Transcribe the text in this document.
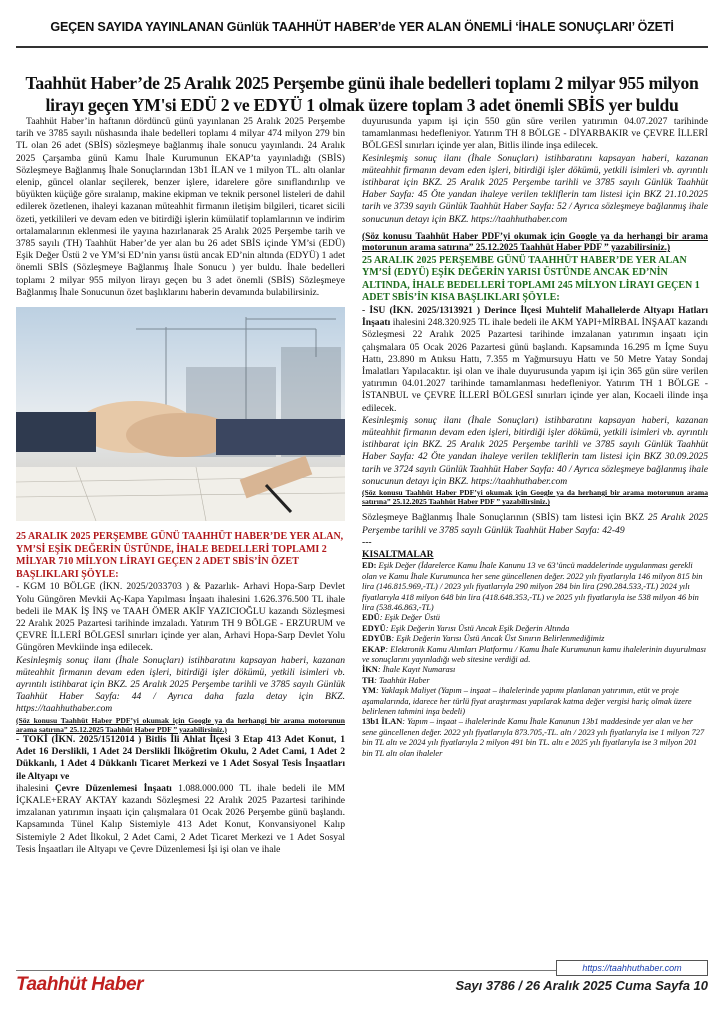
GEÇEN SAYIDA YAYINLANAN Günlük TAAHHÜT HABER’de YER ALAN ÖNEMLİ ‘İHALE SONUÇLARI’ ÖZETİ
Taahhüt Haber’de 25 Aralık 2025 Perşembe günü ihale bedelleri toplamı 2 milyar 955 milyon lirayı geçen YM'si EDÜ 2 ve EDYÜ 1 olmak üzere toplam 3 adet önemli SBİS yer buldu

Taahhüt Haber’in haftanın dördüncü günü yayınlanan 25 Aralık 2025 Perşembe tarih ve 3785 sayılı nüshasında ihale bedelleri toplamı 4 milyar 474 milyon 279 bin TL olan 26 adet (SBİS) sözleşmeye bağlanmış ihale sonucu yayınlandı. 24 Aralık 2025 Çarşamba günü Kamu İhale Kurumunun EKAP’ta yayınladığı (SBİS) Sözleşmeye Bağlanmış İhale Sonuçlarından 13b1 İLAN ve 1 milyon TL. altı olanlar elenip, güncel olanlar seçilerek, benzer işlere, idarelere göre sınıflandırılıp ve büyükten küçüğe göre sıralanıp, makine ekipman ve teknik personel listeleri de dahil edilerek özetlenen, ihaleyi kazanan müteahhit firmanın iletişim bilgileri, ticaret sicili özeti, yetkilileri ve devam eden ve bitirdiği işlerin kümülatif toplamlarının ve indirim ortalamalarının eklenmesi ile yayına hazırlanarak 25 Aralık 2025 Perşembe tarih ve 3785 sayılı (TH) Taahhüt Haber’de yer alan bu 26 adet SBİS içinde YM’si (EDÜ) Eşik Değer Üstü 2 ve YM’si ED’nin yarısı üstü ancak ED’nin altında (EDYÜ) 1 adet önemli SBİS (Sözleşmeye Bağlanmış İhale Sonucu ) yer buldu. İhale bedelleri toplamı 2 milyar 955 milyon lirayı geçen bu 3 adet önemli (SBİS) Sözleşmeye Bağlanmış İhale Sonucunun özet başlıklarını haberin devamında bulabilirsiniz.

25 ARALIK 2025 PERŞEMBE GÜNÜ TAAHHÜT HABER’DE YER ALAN, YM’Sİ EŞİK DEĞERİN ÜSTÜNDE, İHALE BEDELLERİ TOPLAMI 2 MİLYAR 710 MİLYON LİRAYI GEÇEN 2 ADET SBİS’İN ÖZET BAŞLIKLARI ŞÖYLE:

- KGM 10 BÖLGE (İKN. 2025/2033703 ) & Pazarlık- Arhavi Hopa-Sarp Devlet Yolu Güngören Mevkii Aç-Kapa Yapılması İnşaatı ihalesini 1.626.376.500 TL ihale bedeli ile MAK İŞ İNŞ ve TAAH ÖMER AKİF YAZICIOĞLU kazandı Sözleşmesi 22 Aralık 2025 Pazartesi tarihinde imzaladı. Yatırım TH 9 BÖLGE - ERZURUM ve ÇEVRE İLLERİ BÖLGESİ sınırları içinde yer alan, Arhavi Hopa-Sarp Devlet Yolu Güngören Mevkiinde inşa edilecek.

Kesinleşmiş sonuç ilanı (İhale Sonuçları) istihbaratını kapsayan haberi, kazanan müteahhit firmanın devam eden işleri, bitirdiği işler dökümü, yetkili isimleri vb. ayrıntılı istihbarat için BKZ. 25 Aralık 2025 Perşembe tarihli ve 3785 sayılı Günlük Taahhüt Haber Sayfa: 44 / Ayrıca daha fazla detay için BKZ. https://taahhuthaber.com

(Söz konusu Taahhüt Haber PDF’yi okumak için Google ya da herhangi bir arama motorunun arama satırına” 25.12.2025 Taahhüt Haber PDF ” yazabilirsiniz.)

- TOKİ (İKN. 2025/1512014 ) Bitlis İli Ahlat İlçesi 3 Etap 413 Adet Konut, 1 Adet 16 Derslikli, 1 Adet 24 Derslikli İlköğretim Okulu, 2 Adet Cami, 1 Adet 2 Dükkanlı, 1 Adet 4 Dükkanlı Ticaret Merkezi ve 1 Adet Sosyal Tesis İnşaatları ile Altyapı ve

ihalesini Çevre Düzenlemesi İnşaatı 1.088.000.000 TL ihale bedeli ile MM İÇKALE+ERAY AKTAY kazandı Sözleşmesi 22 Aralık 2025 Pazartesi tarihinde imzalanan yatırımın inşaatı için çalışmalara 01 Ocak 2026 Perşembe günü başlandı. Kapsamında Tünel Kalıp Sistemiyle 413 Adet Konut, Konvansiyonel Kalıp Sistemiyle 2 Adet İlkokul, 2 Adet Cami, 2 Adet Ticaret Merkezi ve 1 Adet Sosyal Tesis İnşaatları ile Altyapı ve Çevre Düzenlemesi İşi işi olan ve ihale

duyurusunda yapım işi için 550 gün süre verilen yatırımın 04.07.2027 tarihinde tamamlanması hedefleniyor. Yatırım TH 8 BÖLGE - DİYARBAKIR ve ÇEVRE İLLERİ BÖLGESİ sınırları içinde yer alan, Bitlis ilinde inşa edilecek.

Kesinleşmiş sonuç ilanı (İhale Sonuçları) istihbaratını kapsayan haberi, kazanan müteahhit firmanın devam eden işleri, bitirdiği işler dökümü, yetkili isimleri vb. ayrıntılı istihbarat için BKZ. 25 Aralık 2025 Perşembe tarihli ve 3785 sayılı Günlük Taahhüt Haber Sayfa: 45 Öte yandan ihaleye verilen tekliflerin tam listesi için BKZ 21.10.2025 tarih ve 3739 sayılı Günlük Taahhüt Haber Sayfa: 52 / Ayrıca sözleşmeye bağlanmış ihale sonucunun detayı için BKZ. https://taahhuthaber.com

(Söz konusu Taahhüt Haber PDF’yi okumak için Google ya da herhangi bir arama motorunun arama satırına” 25.12.2025 Taahhüt Haber PDF ” yazabilirsiniz.)

25 ARALIK 2025 PERŞEMBE GÜNÜ TAAHHÜT HABER’DE YER ALAN YM’Sİ (EDYÜ) EŞİK DEĞERİN YARISI ÜSTÜNDE ANCAK ED’NİN ALTINDA, İHALE BEDELLERİ TOPLAMI 245 MİLYON LİRAYI GEÇEN 1 ADET SBİS’İN KISA BAŞLIKLARI ŞÖYLE:

- İSU (İKN. 2025/1313921 ) Derince İlçesi Muhtelif Mahallelerde Altyapı Hatları İnşaatı ihalesini 248.320.925 TL ihale bedeli ile AKM YAPI+MİRBAL İNŞAAT kazandı Sözleşmesi 22 Aralık 2025 Pazartesi tarihinde imzalanan yatırımın inşaatı için çalışmalara 05 Ocak 2026 Pazartesi günü başlandı. Kapsamında 16.295 m İçme Suyu Hattı, 23.890 m Atıksu Hattı, 7.355 m Yağmursuyu Hattı ve 50 Metre Yatay Sondaj İmalatları Yapılacaktır. işi olan ve ihale duyurusunda yapım işi için 365 gün süre verilen yatırımın 04.01.2027 tarihinde tamamlanması hedefleniyor. Yatırım TH 1 BÖLGE - İSTANBUL ve ÇEVRE İLLERİ BÖLGESİ sınırları içinde yer alan, Kocaeli ilinde inşa edilecek.

Kesinleşmiş sonuç ilanı (İhale Sonuçları) istihbaratını kapsayan haberi, kazanan müteahhit firmanın devam eden işleri, bitirdiği işler dökümü, yetkili isimleri vb. ayrıntılı istihbarat için BKZ. 25 Aralık 2025 Perşembe tarihli ve 3785 sayılı Günlük Taahhüt Haber Sayfa: 42 Öte yandan ihaleye verilen tekliflerin tam listesi için BKZ 30.09.2025 tarih ve 3724 sayılı Günlük Taahhüt Haber Sayfa: 40 / Ayrıca sözleşmeye bağlanmış ihale sonucunun detayı için BKZ. https://taahhuthaber.com

(Söz konusu Taahhüt Haber PDF’yi okumak için Google ya da herhangi bir arama motorunun arama satırına” 25.12.2025 Taahhüt Haber PDF ” yazabilirsiniz.)

Sözleşmeye Bağlanmış İhale Sonuçlarının (SBİS) tam listesi için BKZ 25 Aralık 2025 Perşembe tarihli ve 3785 sayılı Günlük Taahhüt Haber Sayfa: 42-49

---

KISALTMALAR

ED: Eşik Değer (İdarelerce Kamu İhale Kanunu 13 ve 63’üncü maddelerinde uygulanması gerekli olan ve Kamu İhale Kurumunca her sene güncellenen değer. 2022 yılı fiyatlarıyla 146 milyon 815 bin lira (146.815.969,-TL) / 2023 yılı fiyatlarıyla 290 milyon 284 bin lira (290.284.533,-TL) 2024 yılı fiyatlarıyla 418 milyon 648 bin lira (418.648.353,-TL) ve 2025 yılı fiyatlarıyla ise 538 milyon 46 bin lira (538.46.863,-TL)

EDÜ: Eşik Değer Üstü

EDYÜ: Eşik Değerin Yarısı Üstü Ancak Eşik Değerin Altında

EDYÜB: Eşik Değerin Yarısı Üstü Ancak Üst Sınırın Belirlenmediğimiz

EKAP: Elektronik Kamu Alımları Platformu / Kamu İhale Kurumunun kamu ihalelerinin duyurulması ve sonuçlarını yayınladığı web sitesine verdiği ad.

İKN: İhale Kayıt Numarası

TH: Taahhüt Haber

YM: Yaklaşık Maliyet (Yapım – inşaat – ihalelerinde yapımı planlanan yatırımın, etüt ve proje aşamalarında, idarece her türlü fiyat araştırması yapılarak katma değer vergisi hariç olmak üzere belirlenen tahmini inşa bedeli)

13b1 İLAN: Yapım – inşaat – ihalelerinde Kamu İhale Kanunun 13b1 maddesinde yer alan ve her sene güncellenen değer. 2022 yılı fiyatlarıyla 873.705,-TL. altı / 2023 yılı fiyatlarıyla ise 1 milyon 727 bin TL altı ve 2024 yılı fiyatlarıyla 2 milyon 491 bin TL. altı e 2025 yılı fiyatlarıyla ise 3 milyon 201 bin TL altı olan ihaleler

https://taahhuthaber.com
Taahhüt Haber	Sayı 3786 / 26 Aralık 2025 Cuma Sayfa 10
